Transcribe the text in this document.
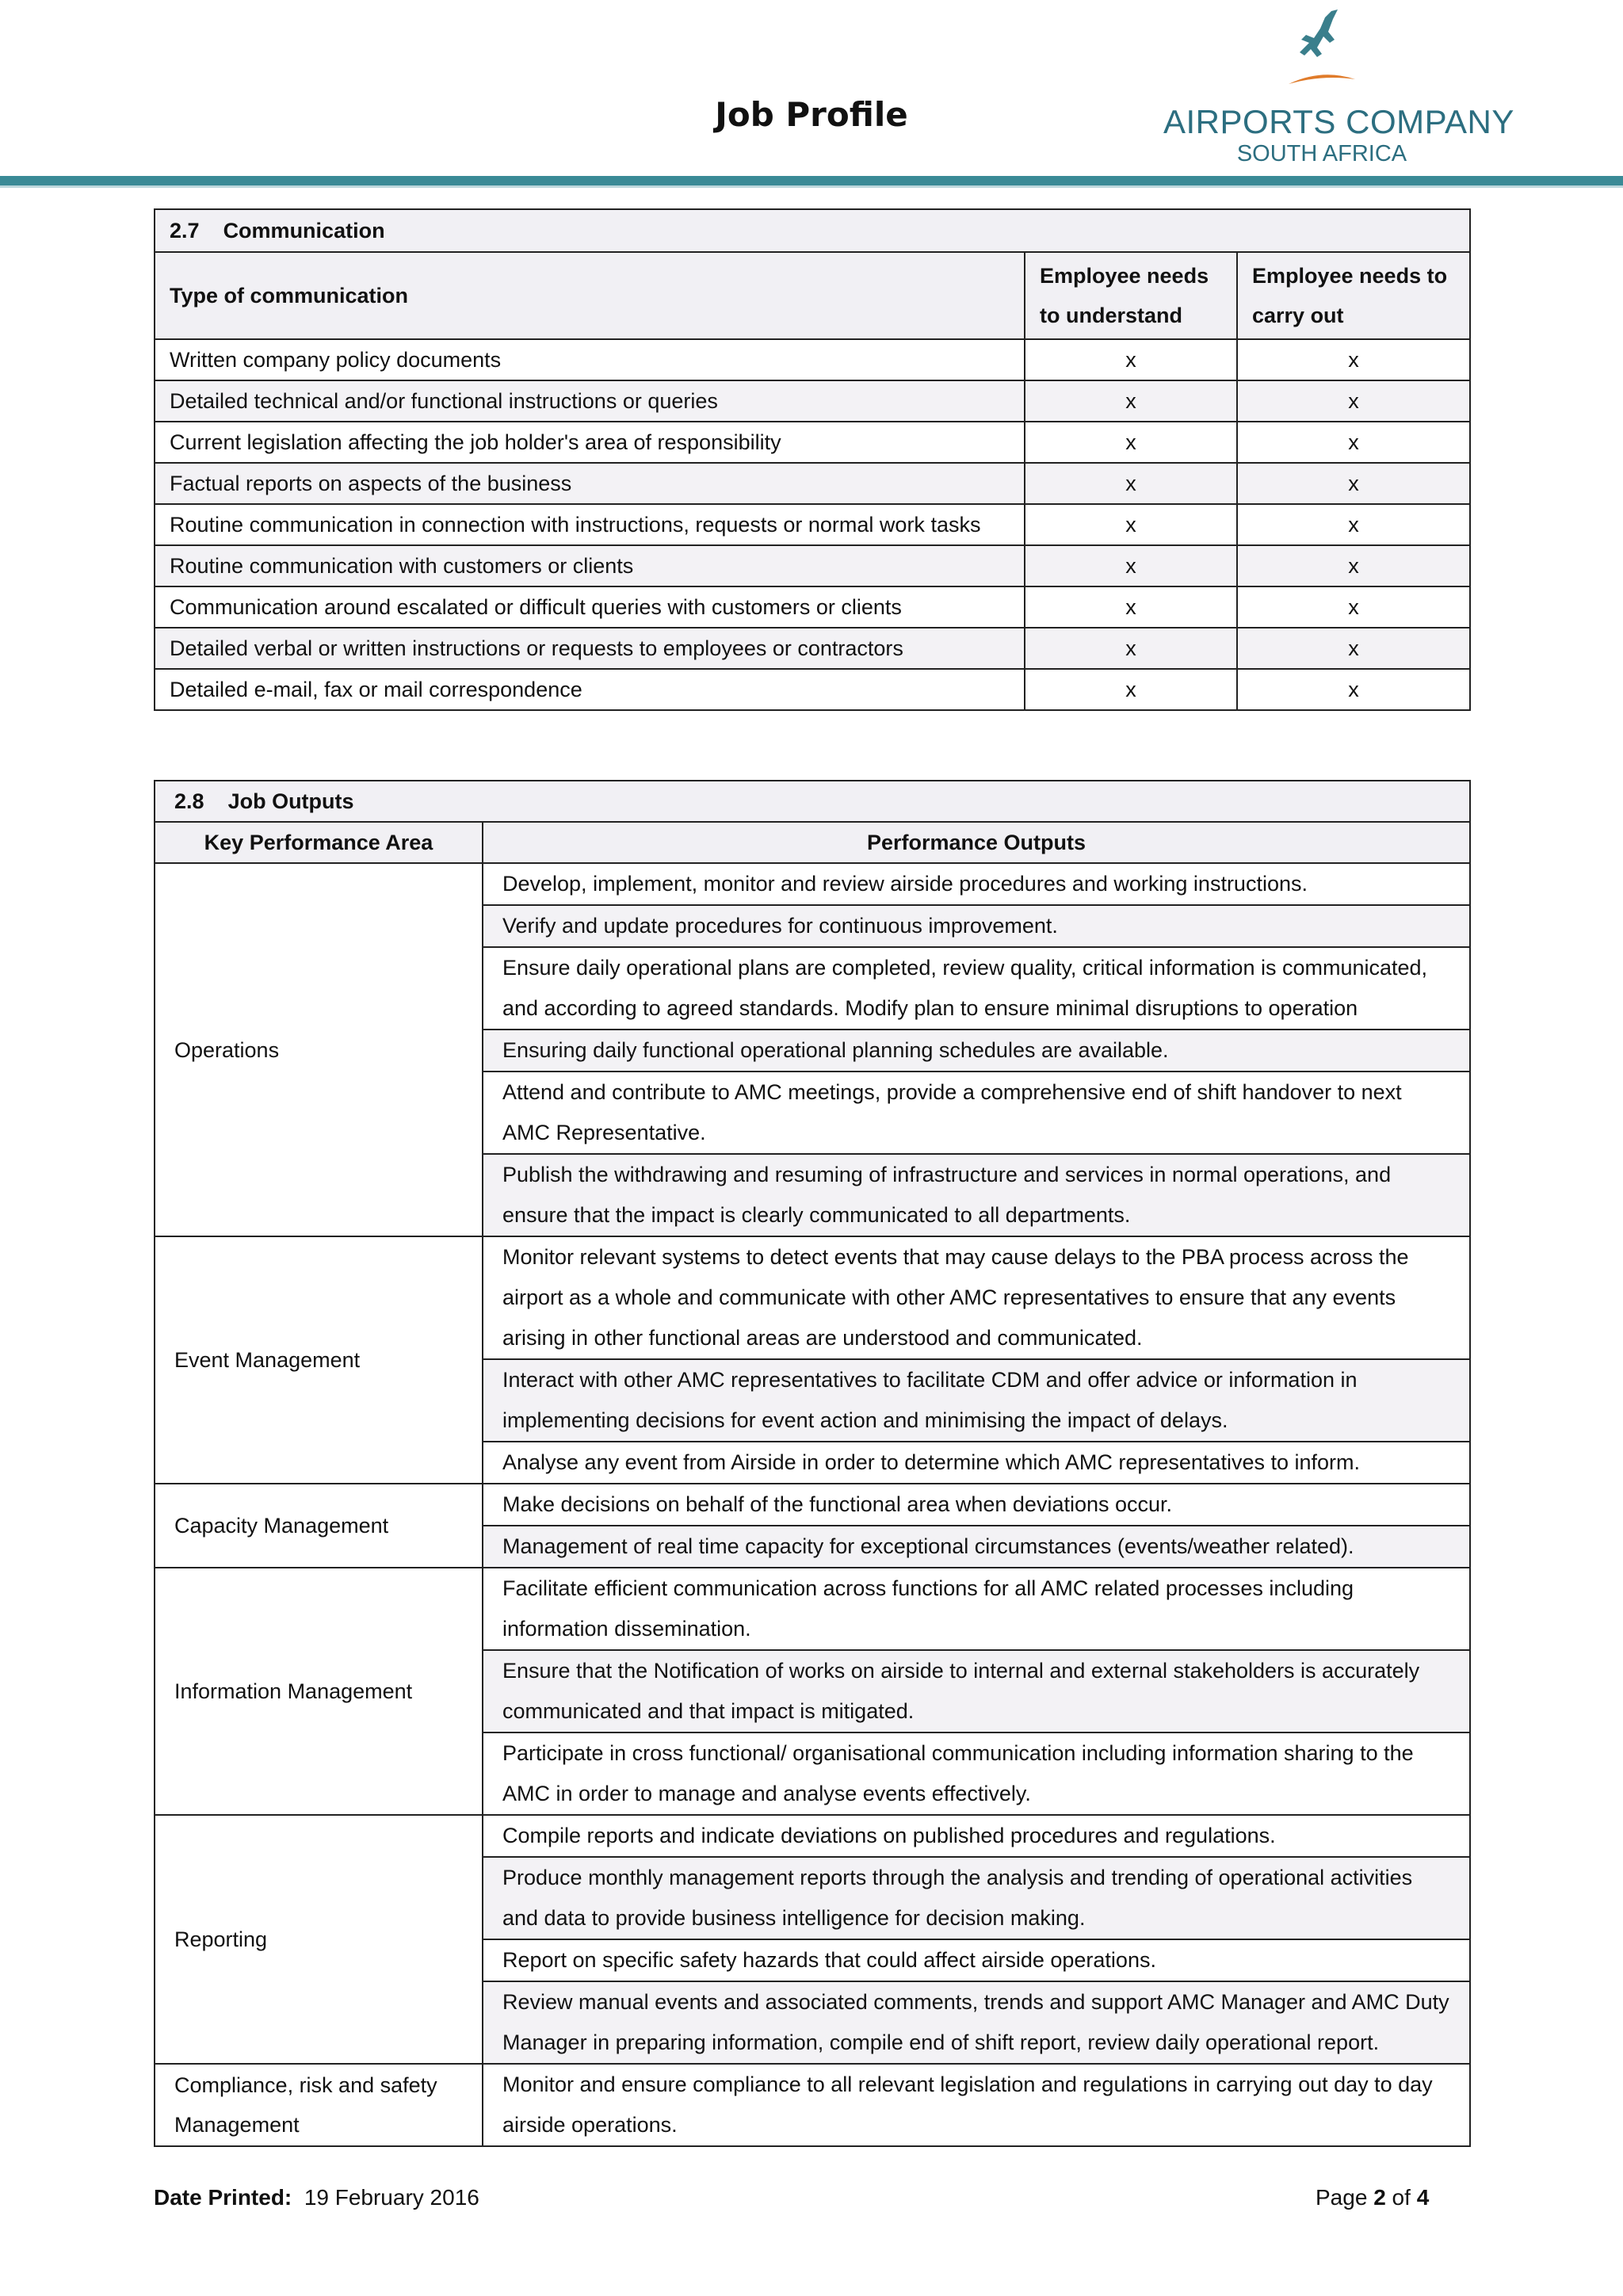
Job Profile	AIRPORTS COMPANY
SOUTH AFRICA
2.7 Communication		
Type of communication	Employee needs to understand	Employee needs to carry out
Written company policy documents	x	x
Detailed technical and/or functional instructions or queries	x	x
Current legislation affecting the job holder's area of responsibility	x	x
Factual reports on aspects of the business	x	x
Routine communication in connection with instructions, requests or normal work tasks	x	x
Routine communication with customers or clients	x	x
Communication around escalated or difficult queries with customers or clients	x	x
Detailed verbal or written instructions or requests to employees or contractors	x	x
Detailed e-mail, fax or mail correspondence	x	x
2.8 Job Outputs	
Key Performance Area	Performance Outputs
Operations	Develop, implement, monitor and review airside procedures and working instructions.
	Verify and update procedures for continuous improvement.
	Ensure daily operational plans are completed, review quality, critical information is communicated, and according to agreed standards. Modify plan to ensure minimal disruptions to operation
	Ensuring daily functional operational planning schedules are available.
	Attend and contribute to AMC meetings, provide a comprehensive end of shift handover to next AMC Representative.
	Publish the withdrawing and resuming of infrastructure and services in normal operations, and ensure that the impact is clearly communicated to all departments.
Event Management	Monitor relevant systems to detect events that may cause delays to the PBA process across the airport as a whole and communicate with other AMC representatives to ensure that any events arising in other functional areas are understood and communicated.
	Interact with other AMC representatives to facilitate CDM and offer advice or information in implementing decisions for event action and minimising the impact of delays.
	Analyse any event from Airside in order to determine which AMC representatives to inform.
Capacity Management	Make decisions on behalf of the functional area when deviations occur.
	Management of real time capacity for exceptional circumstances (events/weather related).
Information Management	Facilitate efficient communication across functions for all AMC related processes including information dissemination.
	Ensure that the Notification of works on airside to internal and external stakeholders is accurately communicated and that impact is mitigated.
	Participate in cross functional/ organisational communication including information sharing to the AMC in order to manage and analyse events effectively.
Reporting	Compile reports and indicate deviations on published procedures and regulations.
	Produce monthly management reports through the analysis and trending of operational activities and data to provide business intelligence for decision making.
	Report on specific safety hazards that could affect airside operations.
	Review manual events and associated comments, trends and support AMC Manager and AMC Duty Manager in preparing information, compile end of shift report, review daily operational report.
Compliance, risk and safety Management	Monitor and ensure compliance to all relevant legislation and regulations in carrying out day to day airside operations.
Date Printed: 19 February 2016	Page 2 of 4
